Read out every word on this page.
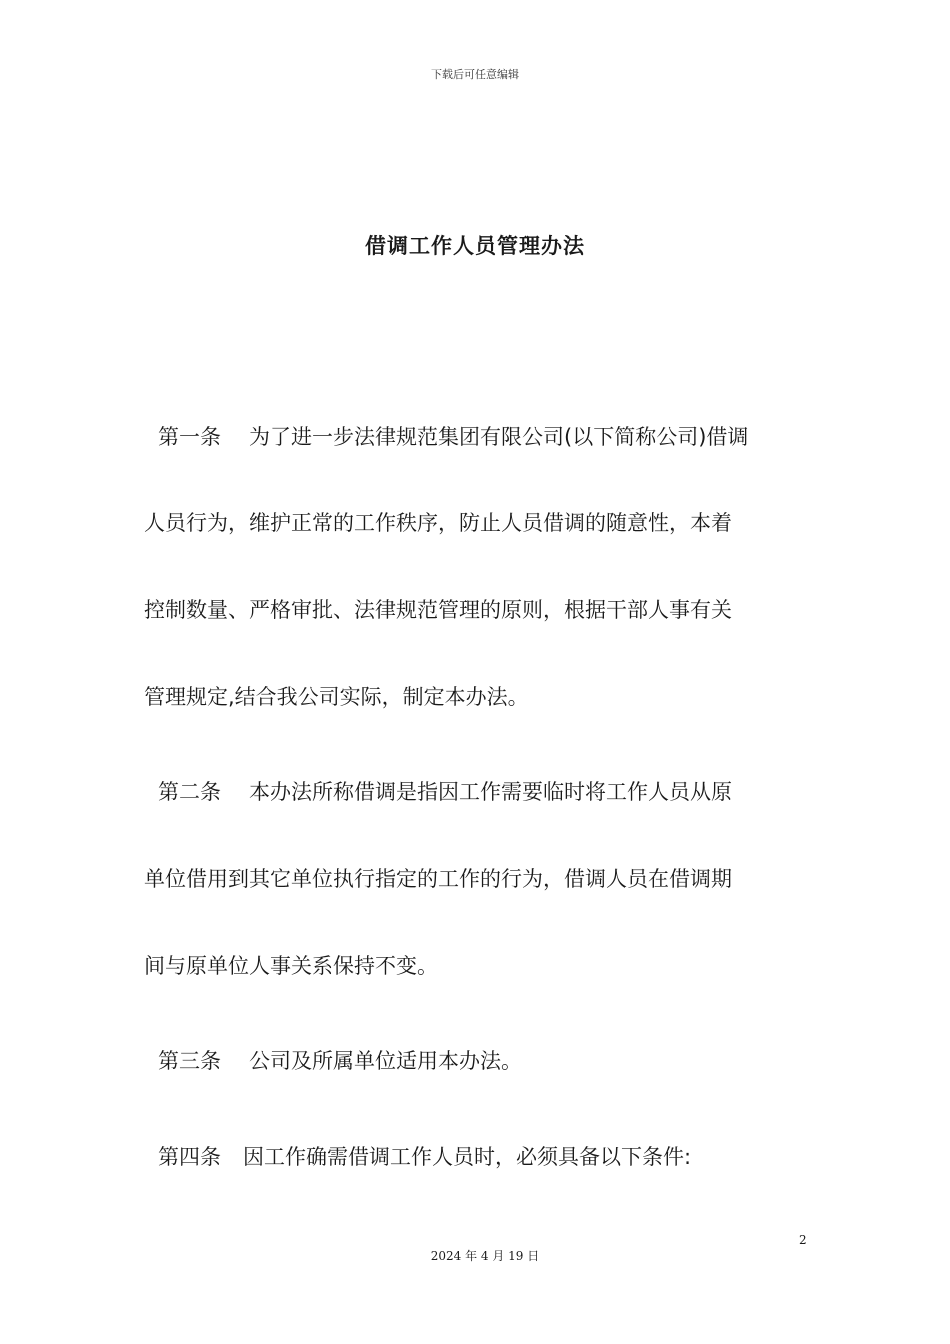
下载后可任意编辑
借调工作人员管理办法
第一条 为了进一步法律规范集团有限公司(以下简称公司)借调
人员行为，维护正常的工作秩序，防止人员借调的随意性，本着
控制数量、严格审批、法律规范管理的原则，根据干部人事有关
管理规定,结合我公司实际，制定本办法。
第二条 本办法所称借调是指因工作需要临时将工作人员从原
单位借用到其它单位执行指定的工作的行为，借调人员在借调期
间与原单位人事关系保持不变。
第三条 公司及所属单位适用本办法。
第四条 因工作确需借调工作人员时，必须具备以下条件:
2
2024 年 4 月 19 日
